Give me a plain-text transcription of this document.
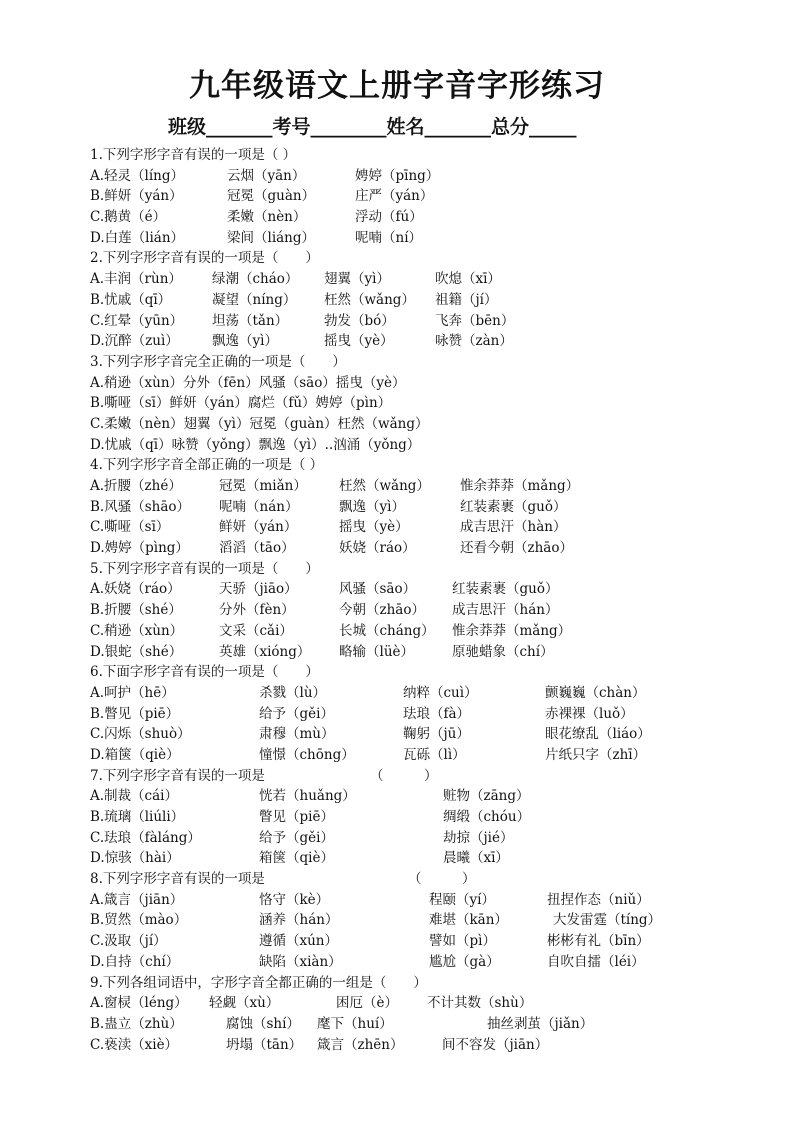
九年级语文上册字音字形练习
班级_______考号________姓名_______总分_____
1.下列字形字音有误的一项是（ ）
A.轻灵（líng）	云烟（yān）	娉婷（pīng）
B.鲜妍（yán）	冠冕（guàn）	庄严（yán）
C.鹅黄（é）	柔嫩（nèn）	浮动（fú）
D.白莲（lián）	梁间（liáng）	呢喃（ní）
2.下列字形字音有误的一项是（　　）
A.丰润（rùn） 绿潮（cháo） 翅翼（yì）	吹熄（xī）
B.忧戚（qī）	凝望（níng） 枉然（wǎng） 祖籍（jí）
C.红晕（yūn） 坦荡（tǎn）	勃发（bó）	飞奔（bēn）
D.沉醉（zuì） 飘逸（yì）	摇曳（yè）	咏赞（zàn）
3.下列字形字音完全正确的一项是（　　）
A.稍逊（xùn）分外（fēn）风骚（sāo）摇曳（yè）
B.嘶哑（sī）鲜妍（yán）腐烂（fǔ）娉婷（pìn）
C.柔嫩（nèn）翅翼（yì）冠冕（guàn）枉然（wǎng）
D.忧戚（qī）咏赞（yǒng）飘逸（yì）..汹涌（yǒng）
4.下列字形字音全部正确的一项是（ ）
A.折腰（zhé）	冠冕（miǎn） 枉然（wǎng） 惟余莽莽（mǎng）
B.风骚（shāo） 呢喃（nán）	飘逸（yì）	红装素裹（guǒ）
C.嘶哑（sī）	鲜妍（yán）	摇曳（yè）	成吉思汗（hàn）
D.娉婷（pìng） 滔滔（tāo）	妖娆（ráo）	还看今朝（zhāo）
5.下列字形字音有误的一项是（　　）
A.妖娆（ráo）	天骄（jiāo）	风骚（sāo）	红装素裹（guǒ）
B.折腰（shé）	分外（fèn）	今朝（zhāo） 成吉思汗（hán）
C.稍逊（xùn）	文采（cǎi）	长城（cháng） 惟余莽莽（mǎng）
D.银蛇（shé）	英雄（xióng） 略输（lüè）	原驰蜡象（chí）
6.下面字形字音有误的一项是（　　）
A.呵护（hē）	杀戮（lù）	纳粹（cuì）	颤巍巍（chàn）
B.瞥见（piē）	给予（gěi）	珐琅（fà）	赤裸裸（luǒ）
C.闪烁（shuò）	肃穆（mù）	鞠躬（jū）	眼花缭乱（liáo）
D.箱箧（qiè）	憧憬（chōng）	瓦砾（lì）	片纸只字（zhī）
7.下列字形字音有误的一项是	（　　　）
A.制裁（cái）	恍若（huǎng）	赃物（zāng）
B.琉璃（liúli）	瞥见（piē）	绸缎（chóu）
C.珐琅（fàláng）	给予（gěi）	劫掠（jié）
D.惊骇（hài）	箱箧（qiè）	晨曦（xī）
8.下列字形字音有误的一项是	（　　　）
A.箴言（jiān）	恪守（kè）	程颐（yí）	扭捏作态（niǔ）
B.贸然（mào）	涵养（hán）	难堪（kān）	大发雷霆（tíng）
C.汲取（jí）	遵循（xún）	譬如（pì）	彬彬有礼（bīn）
D.自持（chí）	缺陷（xiàn）	尴尬（gà）	自吹自擂（léi）
9.下列各组词语中，字形字音全都正确的一组是（　　）
A.窗棂（léng） 轻觑（xù）	困厄（è） 不计其数（shù）
B.蛊立（zhù）	腐蚀（shí） 麾下（huí）	抽丝剥茧（jiǎn）
C.亵渎（xiè）	坍塌（tān） 箴言（zhēn）	间不容发（jiān）
